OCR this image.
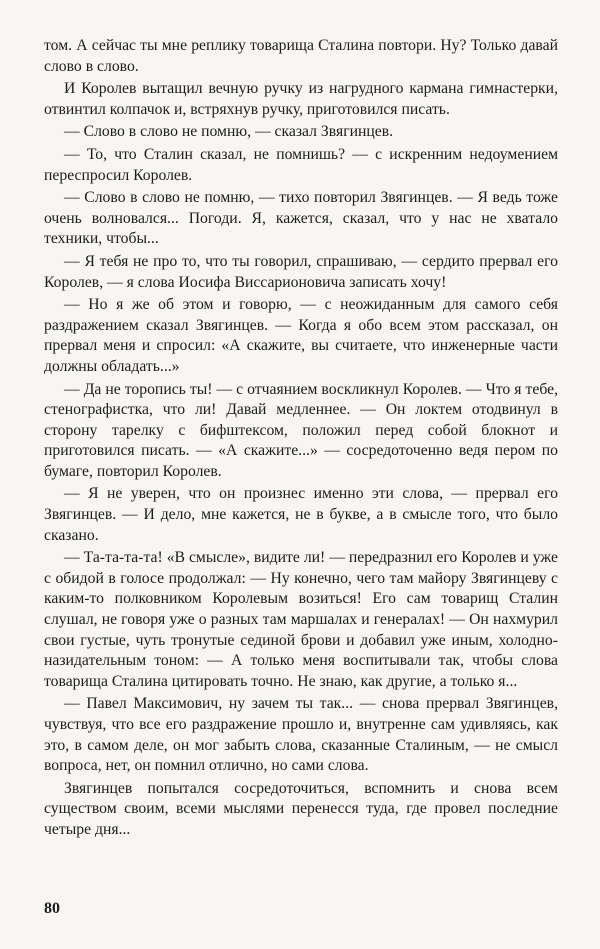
том. А сейчас ты мне реплику товарища Сталина повтори. Ну? Только давай слово в слово.

И Королев вытащил вечную ручку из нагрудного кармана гимнастерки, отвинтил колпачок и, встряхнув ручку, приготовился писать.

— Слово в слово не помню, — сказал Звягинцев.

— То, что Сталин сказал, не помнишь? — с искренним недоумением переспросил Королев.

— Слово в слово не помню, — тихо повторил Звягинцев. — Я ведь тоже очень волновался... Погоди. Я, кажется, сказал, что у нас не хватало техники, чтобы...

— Я тебя не про то, что ты говорил, спрашиваю, — сердито прервал его Королев, — я слова Иосифа Виссарионовича записать хочу!

— Но я же об этом и говорю, — с неожиданным для самого себя раздражением сказал Звягинцев. — Когда я обо всем этом рассказал, он прервал меня и спросил: «А скажите, вы считаете, что инженерные части должны обладать...»

— Да не торопись ты! — с отчаянием воскликнул Королев. — Что я тебе, стенографистка, что ли! Давай медленнее. — Он локтем отодвинул в сторону тарелку с бифштексом, положил перед собой блокнот и приготовился писать. — «А скажите...» — сосредоточенно ведя пером по бумаге, повторил Королев.

— Я не уверен, что он произнес именно эти слова, — прервал его Звягинцев. — И дело, мне кажется, не в букве, а в смысле того, что было сказано.

— Та-та-та-та! «В смысле», видите ли! — передразнил его Королев и уже с обидой в голосе продолжал: — Ну конечно, чего там майору Звягинцеву с каким-то полковником Королевым возиться! Его сам товарищ Сталин слушал, не говоря уже о разных там маршалах и генералах! — Он нахмурил свои густые, чуть тронутые сединой брови и добавил уже иным, холодно-назидательным тоном: — А только меня воспитывали так, чтобы слова товарища Сталина цитировать точно. Не знаю, как другие, а только я...

— Павел Максимович, ну зачем ты так... — снова прервал Звягинцев, чувствуя, что все его раздражение прошло и, внутренне сам удивляясь, как это, в самом деле, он мог забыть слова, сказанные Сталиным, — не смысл вопроса, нет, он помнил отлично, но сами слова.

Звягинцев попытался сосредоточиться, вспомнить и снова всем существом своим, всеми мыслями перенесся туда, где провел последние четыре дня...

80
